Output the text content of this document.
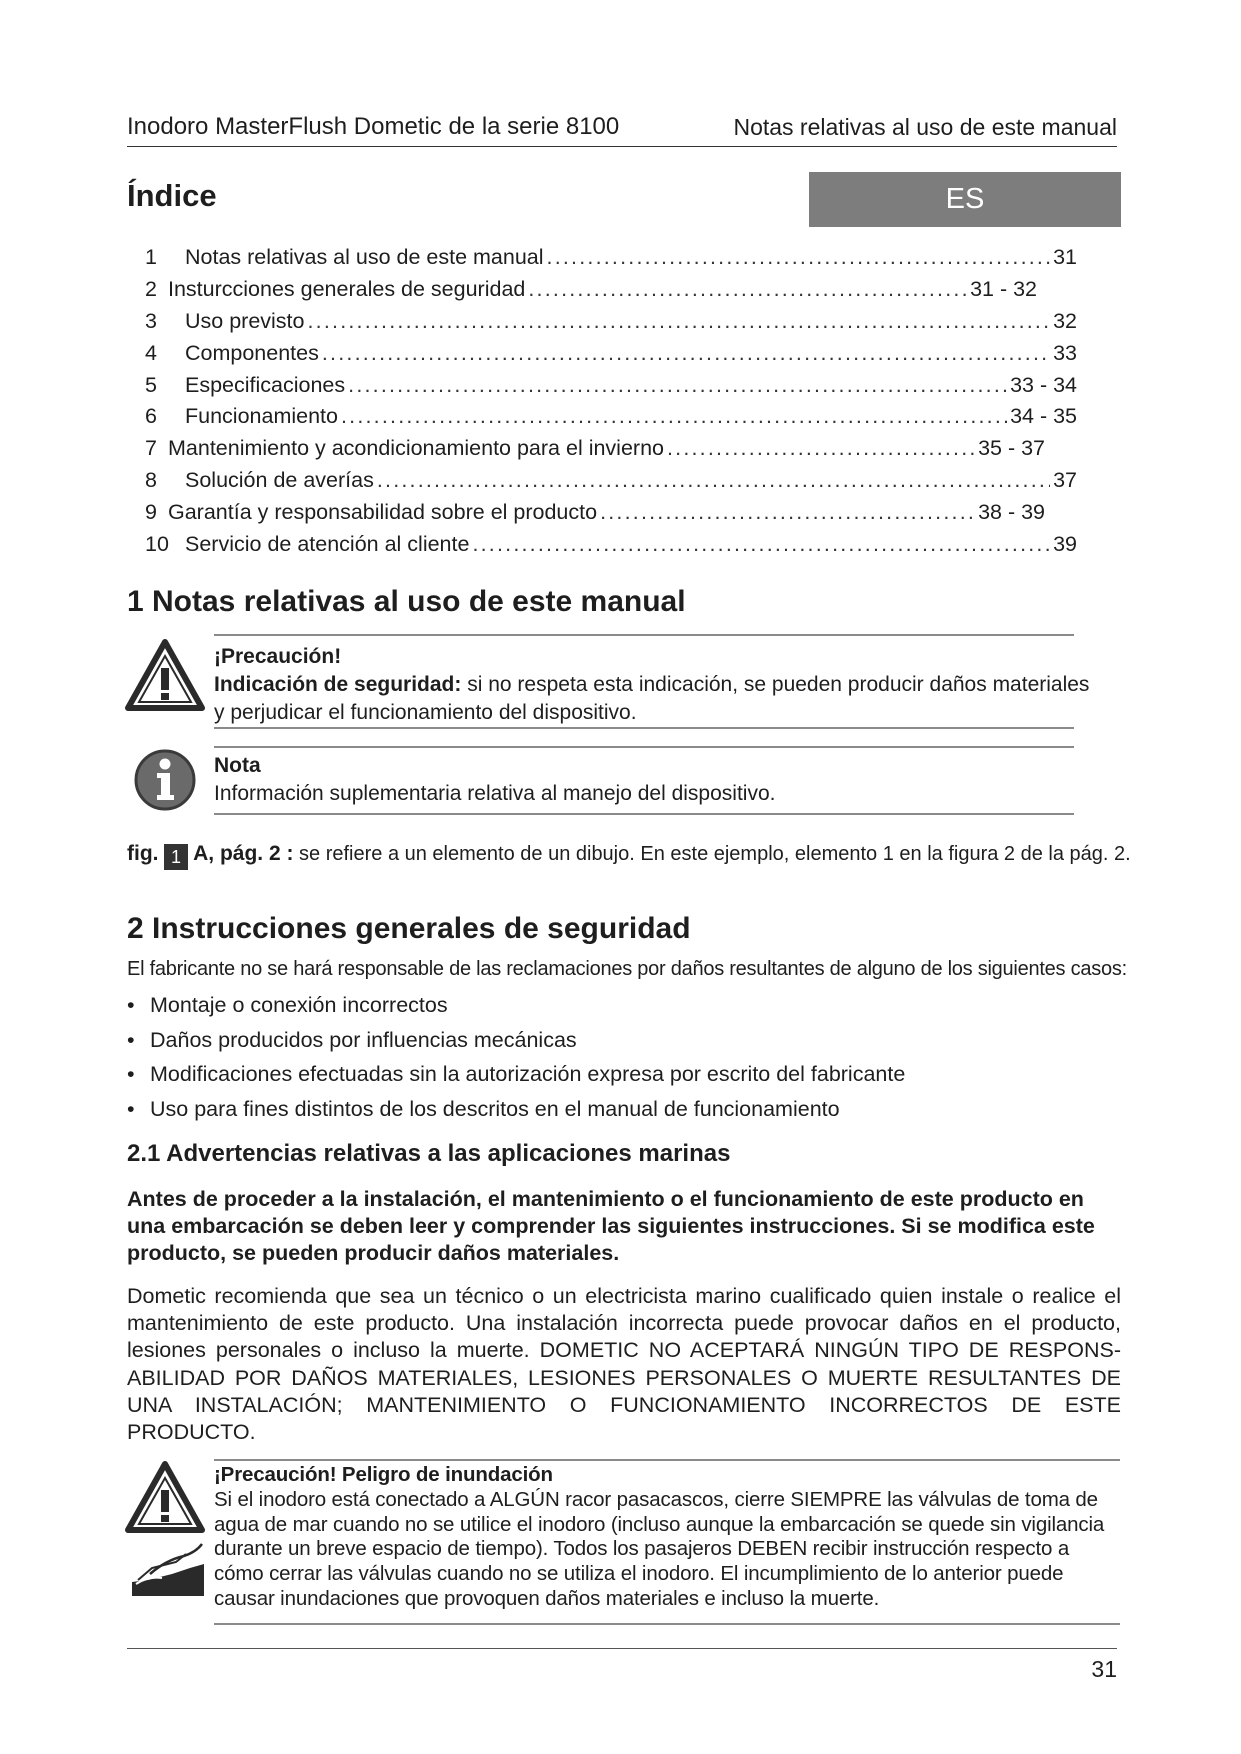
Inodoro MasterFlush Dometic de la serie 8100	Notas relativas al uso de este manual
Índice	ES
1	Notas relativas al uso de este manual .....	31
2 Insturcciones generales de seguridad .....	31 - 32
3	Uso previsto .....	32
4	Componentes .....	33
5	Especificaciones .....	33 - 34
6	Funcionamiento .....	34 - 35
7 Mantenimiento y acondicionamiento para el invierno .....	35 - 37
8	Solución de averías .....	37
9 Garantía y responsabilidad sobre el producto .....	38 - 39
10 Servicio de atención al cliente .....	39
1 Notas relativas al uso de este manual
¡Precaución!
Indicación de seguridad: si no respeta esta indicación, se pueden producir daños materiales y perjudicar el funcionamiento del dispositivo.
Nota
Información suplementaria relativa al manejo del dispositivo.
fig. 1 A, pág. 2 : se refiere a un elemento de un dibujo. En este ejemplo, elemento 1 en la figura 2 de la pág. 2.
2 Instrucciones generales de seguridad
El fabricante no se hará responsable de las reclamaciones por daños resultantes de alguno de los siguientes casos:
• Montaje o conexión incorrectos
• Daños producidos por influencias mecánicas
• Modificaciones efectuadas sin la autorización expresa por escrito del fabricante
• Uso para fines distintos de los descritos en el manual de funcionamiento
2.1 Advertencias relativas a las aplicaciones marinas
Antes de proceder a la instalación, el mantenimiento o el funcionamiento de este producto en una embarcación se deben leer y comprender las siguientes instrucciones. Si se modifica este producto, se pueden producir daños materiales.
Dometic recomienda que sea un técnico o un electricista marino cualificado quien instale o realice el mantenimiento de este producto. Una instalación incorrecta puede provocar daños en el producto, lesiones personales o incluso la muerte. DOMETIC NO ACEPTARÁ NINGÚN TIPO DE RESPONS-ABILIDAD POR DAÑOS MATERIALES, LESIONES PERSONALES O MUERTE RESULTANTES DE UNA INSTALACIÓN; MANTENIMIENTO O FUNCIONAMIENTO INCORRECTOS DE ESTE PRODUCTO.
¡Precaución! Peligro de inundación
Si el inodoro está conectado a ALGÚN racor pasacascos, cierre SIEMPRE las válvulas de toma de agua de mar cuando no se utilice el inodoro (incluso aunque la embarcación se quede sin vigilancia durante un breve espacio de tiempo). Todos los pasajeros DEBEN recibir instrucción respecto a cómo cerrar las válvulas cuando no se utiliza el inodoro. El incumplimiento de lo anterior puede causar inundaciones que provoquen daños materiales e incluso la muerte.
31
